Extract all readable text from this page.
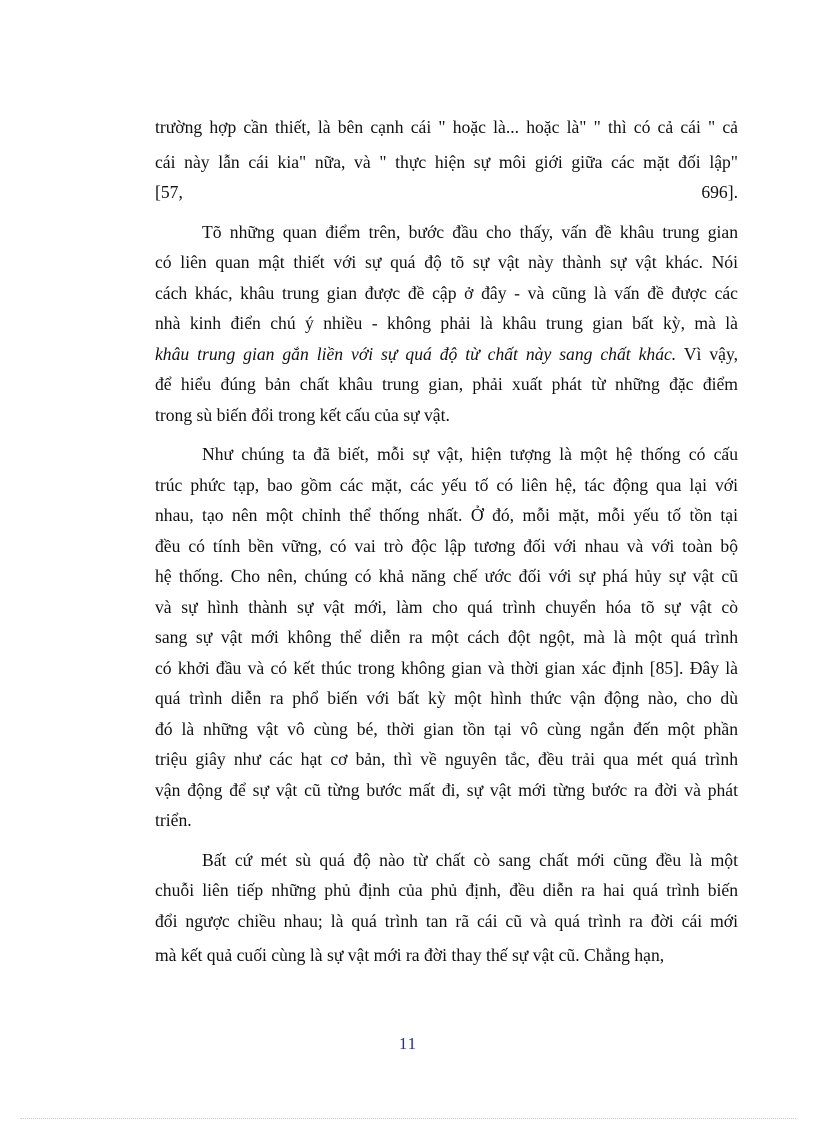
trường hợp cần thiết, là bên cạnh cái " hoặc là... hoặc là" " thì có cả cái " cả
cái này lẫn cái kia" nữa, và " thực hiện sự môi giới giữa các mặt đối lập"
[57, 696].
Tõ những quan điểm trên, bước đầu cho thấy, vấn đề khâu trung gian
có liên quan mật thiết với sự quá độ tõ sự vật này thành sự vật khác. Nói
cách khác, khâu trung gian được đề cập ở đây - và cũng là vấn đề được các
nhà kinh điển chú ý nhiều - không phải là khâu trung gian bất kỳ, mà là
khâu trung gian gắn liền với sự quá độ từ chất này sang chất khác. Vì vậy,
để hiểu đúng bản chất khâu trung gian, phải xuất phát từ những đặc điểm
trong sù biến đổi trong kết cấu của sự vật.
Như chúng ta đã biết, mỗi sự vật, hiện tượng là một hệ thống có cấu
trúc phức tạp, bao gồm các mặt, các yếu tố có liên hệ, tác động qua lại với
nhau, tạo nên một chỉnh thể thống nhất. Ở đó, mỗi mặt, mỗi yếu tố tồn tại
đều có tính bền vững, có vai trò độc lập tương đối với nhau và với toàn bộ
hệ thống. Cho nên, chúng có khả năng chế ước đối với sự phá hủy sự vật cũ
và sự hình thành sự vật mới, làm cho quá trình chuyển hóa tõ sự vật cò
sang sự vật mới không thể diễn ra một cách đột ngột, mà là một quá trình
có khởi đầu và có kết thúc trong không gian và thời gian xác định [85]. Đây là
quá trình diễn ra phổ biến với bất kỳ một hình thức vận động nào, cho dù
đó là những vật vô cùng bé, thời gian tồn tại vô cùng ngắn đến một phần
triệu giây như các hạt cơ bản, thì về nguyên tắc, đều trải qua mét quá trình
vận động để sự vật cũ từng bước mất đi, sự vật mới từng bước ra đời và phát
triển.
Bất cứ mét sù quá độ nào từ chất cò sang chất mới cũng đều là một
chuỗi liên tiếp những phủ định của phủ định, đều diễn ra hai quá trình biến
đổi ngược chiều nhau; là quá trình tan rã cái cũ và quá trình ra đời cái mới
mà kết quả cuối cùng là sự vật mới ra đời thay thế sự vật cũ. Chẳng hạn,
11
